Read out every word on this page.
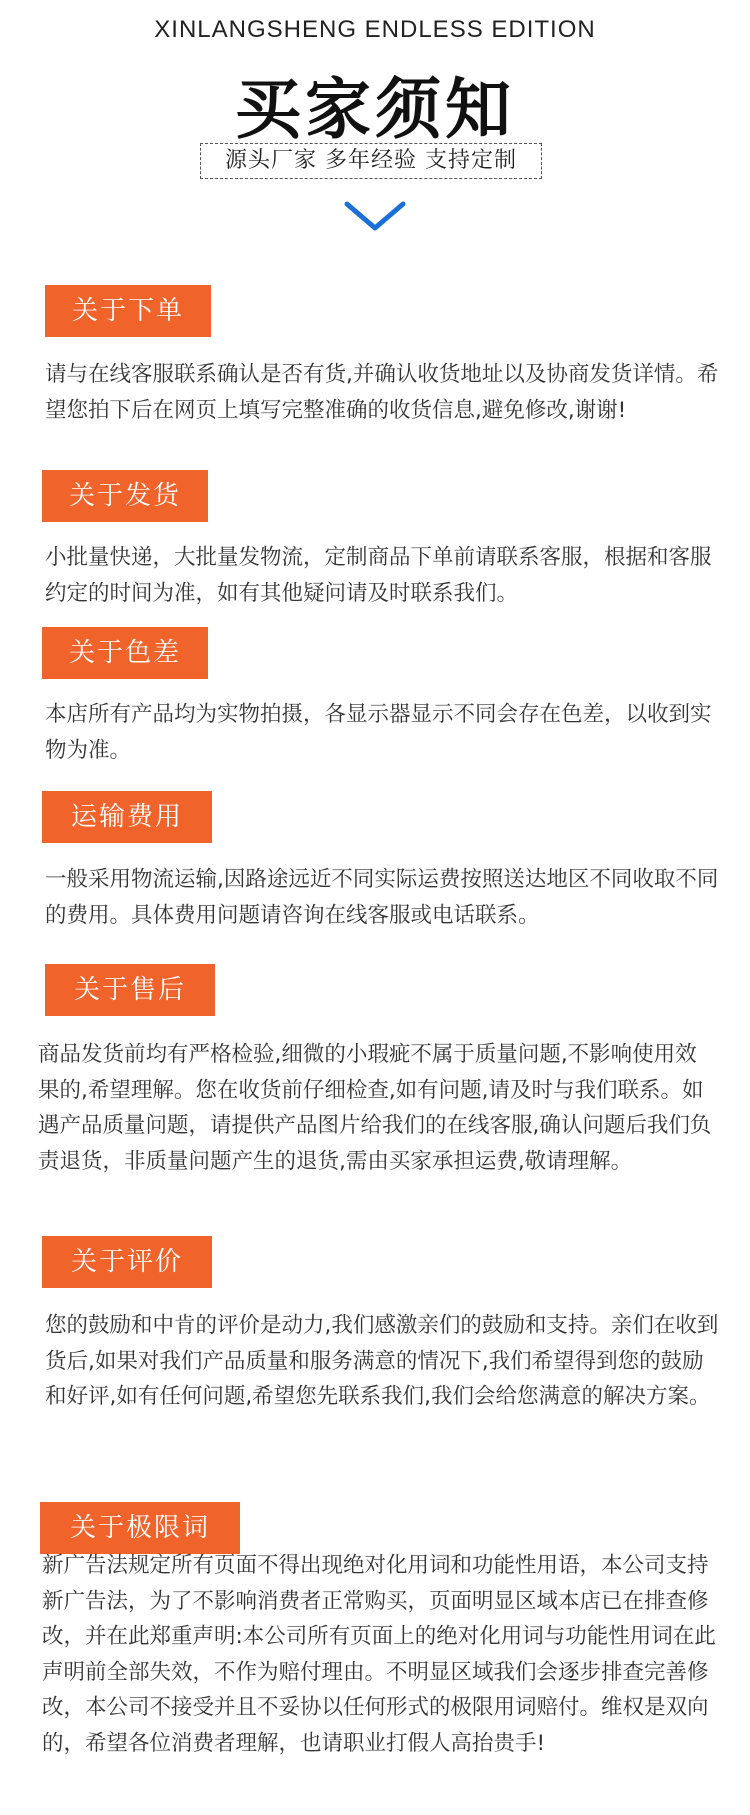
XINLANGSHENG ENDLESS EDITION
买家须知
源头厂家 多年经验 支持定制
关于下单

请与在线客服联系确认是否有货,并确认收货地址以及协商发货详情。希望您拍下后在网页上填写完整准确的收货信息,避免修改,谢谢!

关于发货

小批量快递，大批量发物流，定制商品下单前请联系客服，根据和客服约定的时间为准，如有其他疑问请及时联系我们。

关于色差

本店所有产品均为实物拍摄，各显示器显示不同会存在色差，以收到实物为准。

运输费用

一般采用物流运输,因路途远近不同实际运费按照送达地区不同收取不同的费用。具体费用问题请咨询在线客服或电话联系。

关于售后

商品发货前均有严格检验,细微的小瑕疵不属于质量问题,不影响使用效果的,希望理解。您在收货前仔细检查,如有问题,请及时与我们联系。如遇产品质量问题，请提供产品图片给我们的在线客服,确认问题后我们负责退货，非质量问题产生的退货,需由买家承担运费,敬请理解。

关于评价

您的鼓励和中肯的评价是动力,我们感激亲们的鼓励和支持。亲们在收到货后,如果对我们产品质量和服务满意的情况下,我们希望得到您的鼓励和好评,如有任何问题,希望您先联系我们,我们会给您满意的解决方案。

关于极限词

新广告法规定所有页面不得出现绝对化用词和功能性用语，本公司支持新广告法，为了不影响消费者正常购买，页面明显区域本店已在排查修改，并在此郑重声明:本公司所有页面上的绝对化用词与功能性用词在此声明前全部失效，不作为赔付理由。不明显区域我们会逐步排查完善修改，本公司不接受并且不妥协以任何形式的极限用词赔付。维权是双向的，希望各位消费者理解，也请职业打假人高抬贵手!
